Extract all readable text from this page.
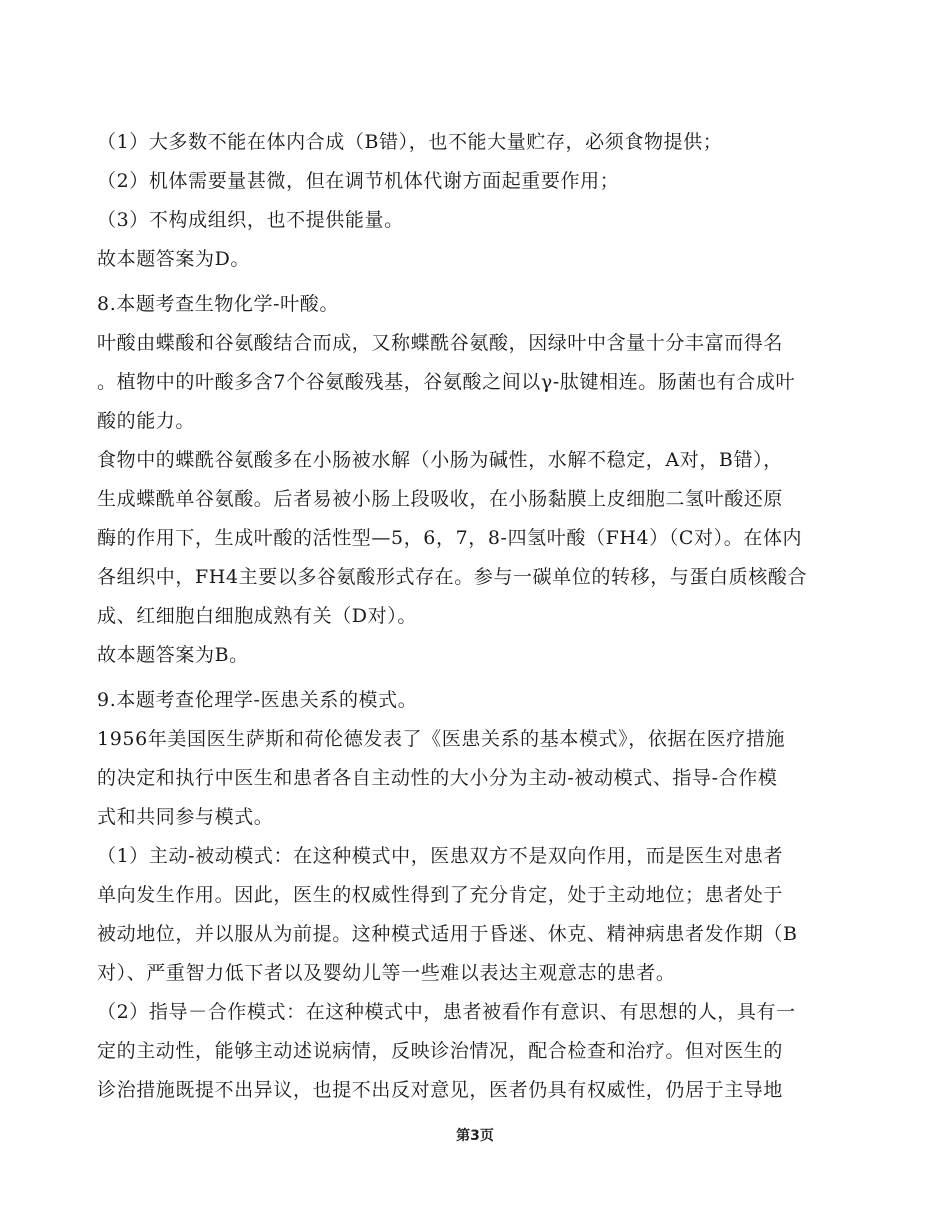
（1）大多数不能在体内合成（B错），也不能大量贮存，必须食物提供；
（2）机体需要量甚微，但在调节机体代谢方面起重要作用；
（3）不构成组织，也不提供能量。
故本题答案为D。
8.本题考查生物化学-叶酸。
叶酸由蝶酸和谷氨酸结合而成，又称蝶酰谷氨酸，因绿叶中含量十分丰富而得名
。植物中的叶酸多含7个谷氨酸残基，谷氨酸之间以γ-肽键相连。肠菌也有合成叶
酸的能力。
食物中的蝶酰谷氨酸多在小肠被水解（小肠为碱性，水解不稳定，A对，B错），
生成蝶酰单谷氨酸。后者易被小肠上段吸收，在小肠黏膜上皮细胞二氢叶酸还原
酶的作用下，生成叶酸的活性型—5，6，7，8-四氢叶酸（FH4）（C对）。在体内
各组织中，FH4主要以多谷氨酸形式存在。参与一碳单位的转移，与蛋白质核酸合
成、红细胞白细胞成熟有关（D对）。
故本题答案为B。
9.本题考查伦理学-医患关系的模式。
1956年美国医生萨斯和荷伦德发表了《医患关系的基本模式》，依据在医疗措施
的决定和执行中医生和患者各自主动性的大小分为主动-被动模式、指导-合作模
式和共同参与模式。
（1）主动-被动模式：在这种模式中，医患双方不是双向作用，而是医生对患者
单向发生作用。因此，医生的权威性得到了充分肯定，处于主动地位；患者处于
被动地位，并以服从为前提。这种模式适用于昏迷、休克、精神病患者发作期（B
对）、严重智力低下者以及婴幼儿等一些难以表达主观意志的患者。
（2）指导－合作模式：在这种模式中，患者被看作有意识、有思想的人，具有一
定的主动性，能够主动述说病情，反映诊治情况，配合检查和治疗。但对医生的
诊治措施既提不出异议，也提不出反对意见，医者仍具有权威性，仍居于主导地
第3页
